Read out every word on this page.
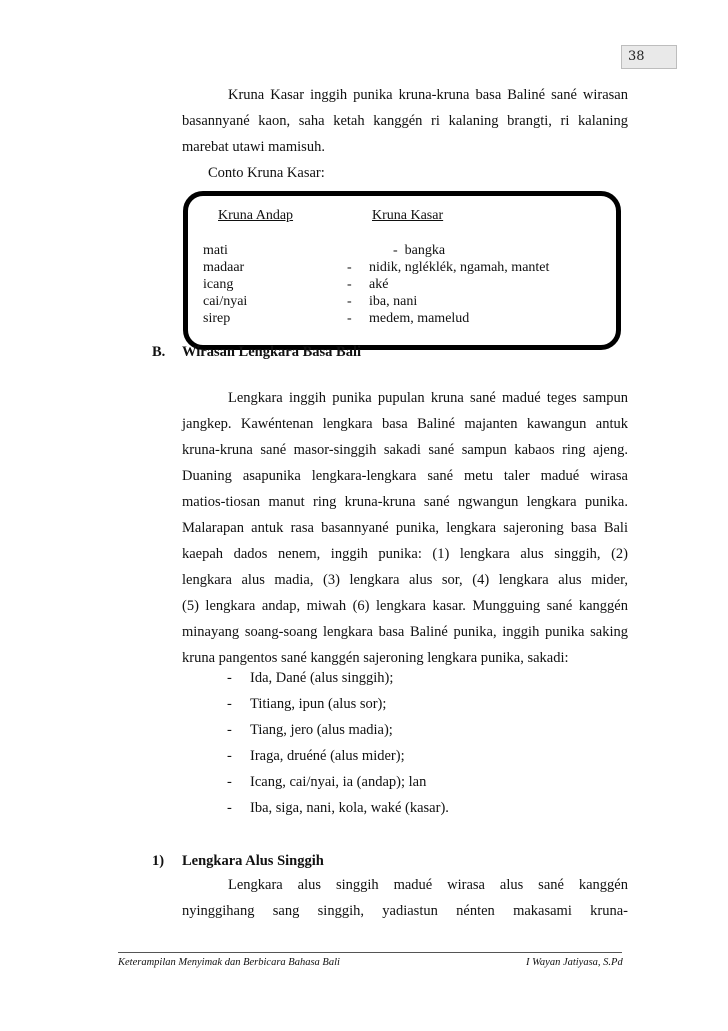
38
Kruna Kasar inggih punika kruna-kruna basa Baliné sané wirasan
basannyané kaon, saha ketah kanggén ri kalaning brangti, ri kalaning
marebat utawi mamisuh.
Conto Kruna Kasar:
Kruna Andap	Kruna Kasar
mati	- bangka
madaar	- nidik, ngléklék, ngamah, mantet
icang	- aké
cai/nyai	- iba, nani
sirep	- medem, mamelud
B. Wirasan Lengkara Basa Bali
Lengkara inggih punika pupulan kruna sané madué teges sampun
jangkep. Kawéntenan lengkara basa Baliné majanten kawangun antuk
kruna-kruna sané masor-singgih sakadi sané sampun kabaos ring ajeng.
Duaning asapunika lengkara-lengkara sané metu taler madué wirasa
matios-tiosan manut ring kruna-kruna sané ngwangun lengkara punika.
Malarapan antuk rasa basannyané punika, lengkara sajeroning basa Bali
kaepah dados nenem, inggih punika: (1) lengkara alus singgih, (2)
lengkara alus madia, (3) lengkara alus sor, (4) lengkara alus mider,
(5) lengkara andap, miwah (6) lengkara kasar. Mungguing sané kanggén
minayang soang-soang lengkara basa Baliné punika, inggih punika saking
kruna pangentos sané kanggén sajeroning lengkara punika, sakadi:
- Ida, Dané (alus singgih);
- Titiang, ipun (alus sor);
- Tiang, jero (alus madia);
- Iraga, druéné (alus mider);
- Icang, cai/nyai, ia (andap); lan
- Iba, siga, nani, kola, waké (kasar).
1) Lengkara Alus Singgih
Lengkara alus singgih madué wirasa alus sané kanggén
nyinggihang sang singgih, yadiastun nénten makasami kruna-
Keterampilan Menyimak dan Berbicara Bahasa Bali	I Wayan Jatiyasa, S.Pd
